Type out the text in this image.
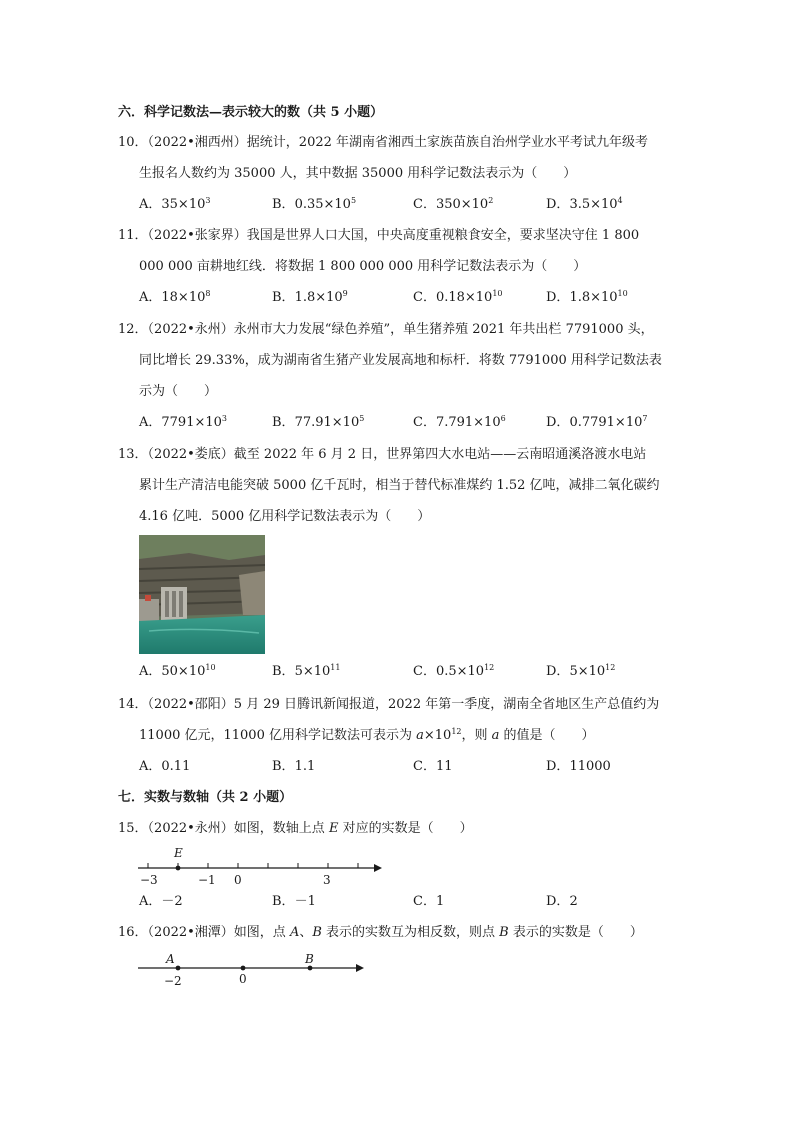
六．科学记数法—表示较大的数（共 5 小题）
10．（2022•湘西州）据统计，2022 年湖南省湘西土家族苗族自治州学业水平考试九年级考
生报名人数约为 35000 人，其中数据 35000 用科学记数法表示为（　　）
A．$35\times 10^3$	B．$0.35\times 10^5$	C．$350\times 10^2$	D．$3.5\times 10^4$
11．（2022•张家界）我国是世界人口大国，中央高度重视粮食安全，要求坚决守住 1 800
000 000 亩耕地红线．将数据 1 800 000 000 用科学记数法表示为（　　）
A．$18\times 10^8$	B．$1.8\times 10^9$	C．$0.18\times 10^{10}$	D．$1.8\times 10^{10}$
12．（2022•永州）永州市大力发展“绿色养殖”，单生猪养殖 2021 年共出栏 7791000 头，
同比增长 29.33%，成为湖南省生猪产业发展高地和标杆．将数 7791000 用科学记数法表
示为（　　）
A．$7791\times 10^3$	B．$77.91\times 10^5$	C．$7.791\times 10^6$	D．$0.7791\times 10^7$
13．（2022•娄底）截至 2022 年 6 月 2 日，世界第四大水电站——云南昭通溪洛渡水电站
累计生产清洁电能突破 5000 亿千瓦时，相当于替代标准煤约 1.52 亿吨，减排二氧化碳约
4.16 亿吨．5000 亿用科学记数法表示为（　　）
A．$50\times 10^{10}$	B．$5\times 10^{11}$	C．$0.5\times 10^{12}$	D．$5\times 10^{12}$
14．（2022•邵阳）5 月 29 日腾讯新闻报道，2022 年第一季度，湖南全省地区生产总值约为
11000 亿元，11000 亿用科学记数法可表示为 $a\times 10^{12}$，则 a 的值是（　　）
A．0.11	B．1.1	C．11	D．11000
七．实数与数轴（共 2 小题）
15．（2022•永州）如图，数轴上点 E 对应的实数是（　　）
E
−3	−1 0	3
A．－2	B．－1	C．1	D．2
16．（2022•湘潭）如图，点 A、B 表示的实数互为相反数，则点 B 表示的实数是（　　）
A	B
−2	0
